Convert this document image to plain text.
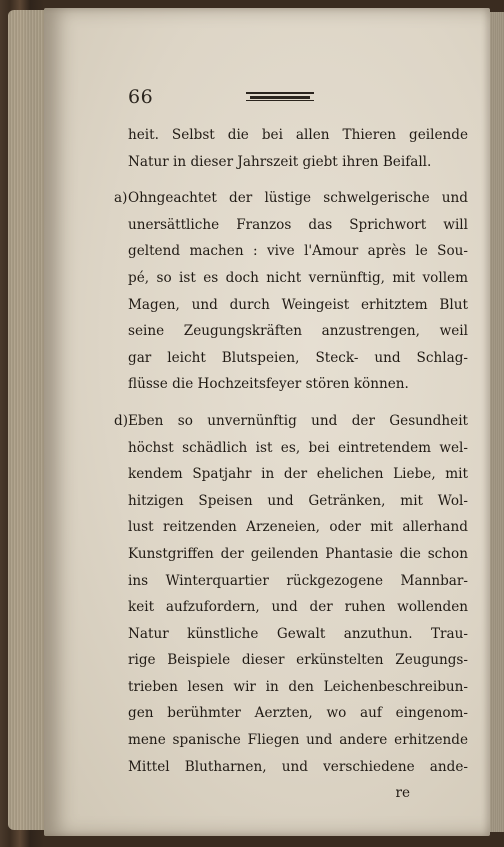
66
heit. Selbst die bei allen Thieren geilende
Natur in dieser Jahrszeit giebt ihren Beifall.
a)Ohngeachtet der lüstige schwelgerische und
unersättliche Franzos das Sprichwort will
geltend machen : vive l'Amour après le Sou-
pé, so ist es doch nicht vernünftig, mit vollem
Magen, und durch Weingeist erhitztem Blut
seine Zeugungskräften anzustrengen, weil
gar leicht Blutspeien, Steck- und Schlag-
flüsse die Hochzeitsfeyer stören können.
d)Eben so unvernünftig und der Gesundheit
höchst schädlich ist es, bei eintretendem wel-
kendem Spatjahr in der ehelichen Liebe, mit
hitzigen Speisen und Getränken, mit Wol-
lust reitzenden Arzeneien, oder mit allerhand
Kunstgriffen der geilenden Phantasie die schon
ins Winterquartier rückgezogene Mannbar-
keit aufzufordern, und der ruhen wollenden
Natur künstliche Gewalt anzuthun. Trau-
rige Beispiele dieser erkünstelten Zeugungs-
trieben lesen wir in den Leichenbeschreibun-
gen berühmter Aerzten, wo auf eingenom-
mene spanische Fliegen und andere erhitzende
Mittel Blutharnen, und verschiedene ande-
re
